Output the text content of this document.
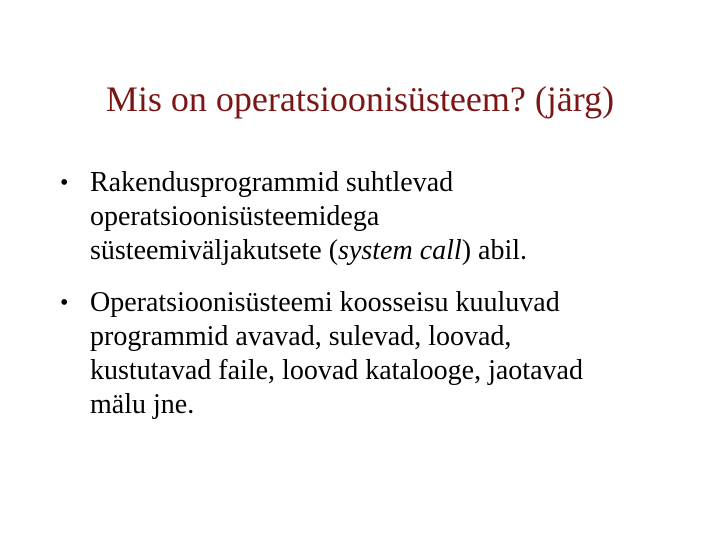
Mis on operatsioonisüsteem? (järg)
• Rakendusprogrammid suhtlevad
operatsioonisüsteemidega
süsteemiväljakutsete (system call) abil.
• Operatsioonisüsteemi koosseisu kuuluvad
programmid avavad, sulevad, loovad,
kustutavad faile, loovad katalooge, jaotavad
mälu jne.
